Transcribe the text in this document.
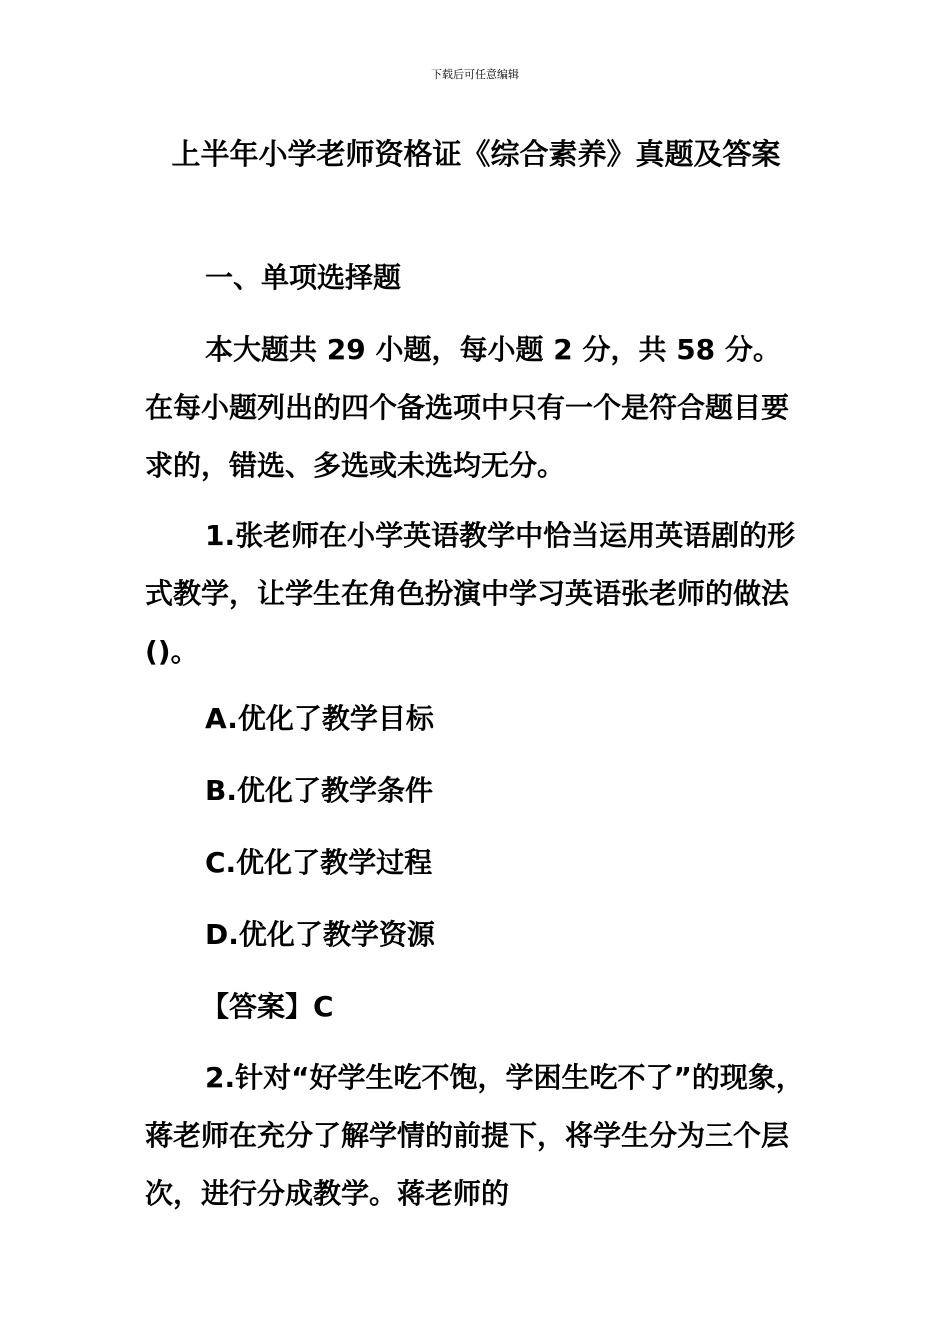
下载后可任意编辑
上半年小学老师资格证《综合素养》真题及答案

一、单项选择题

本大题共 29 小题，每小题 2 分，共 58 分。在每小题列出的四个备选项中只有一个是符合题目要求的，错选、多选或未选均无分。

1.张老师在小学英语教学中恰当运用英语剧的形式教学，让学生在角色扮演中学习英语张老师的做法()。

A.优化了教学目标

B.优化了教学条件

C.优化了教学过程

D.优化了教学资源

【答案】C

2.针对“好学生吃不饱，学困生吃不了”的现象，蒋老师在充分了解学情的前提下，将学生分为三个层次，进行分成教学。蒋老师的
